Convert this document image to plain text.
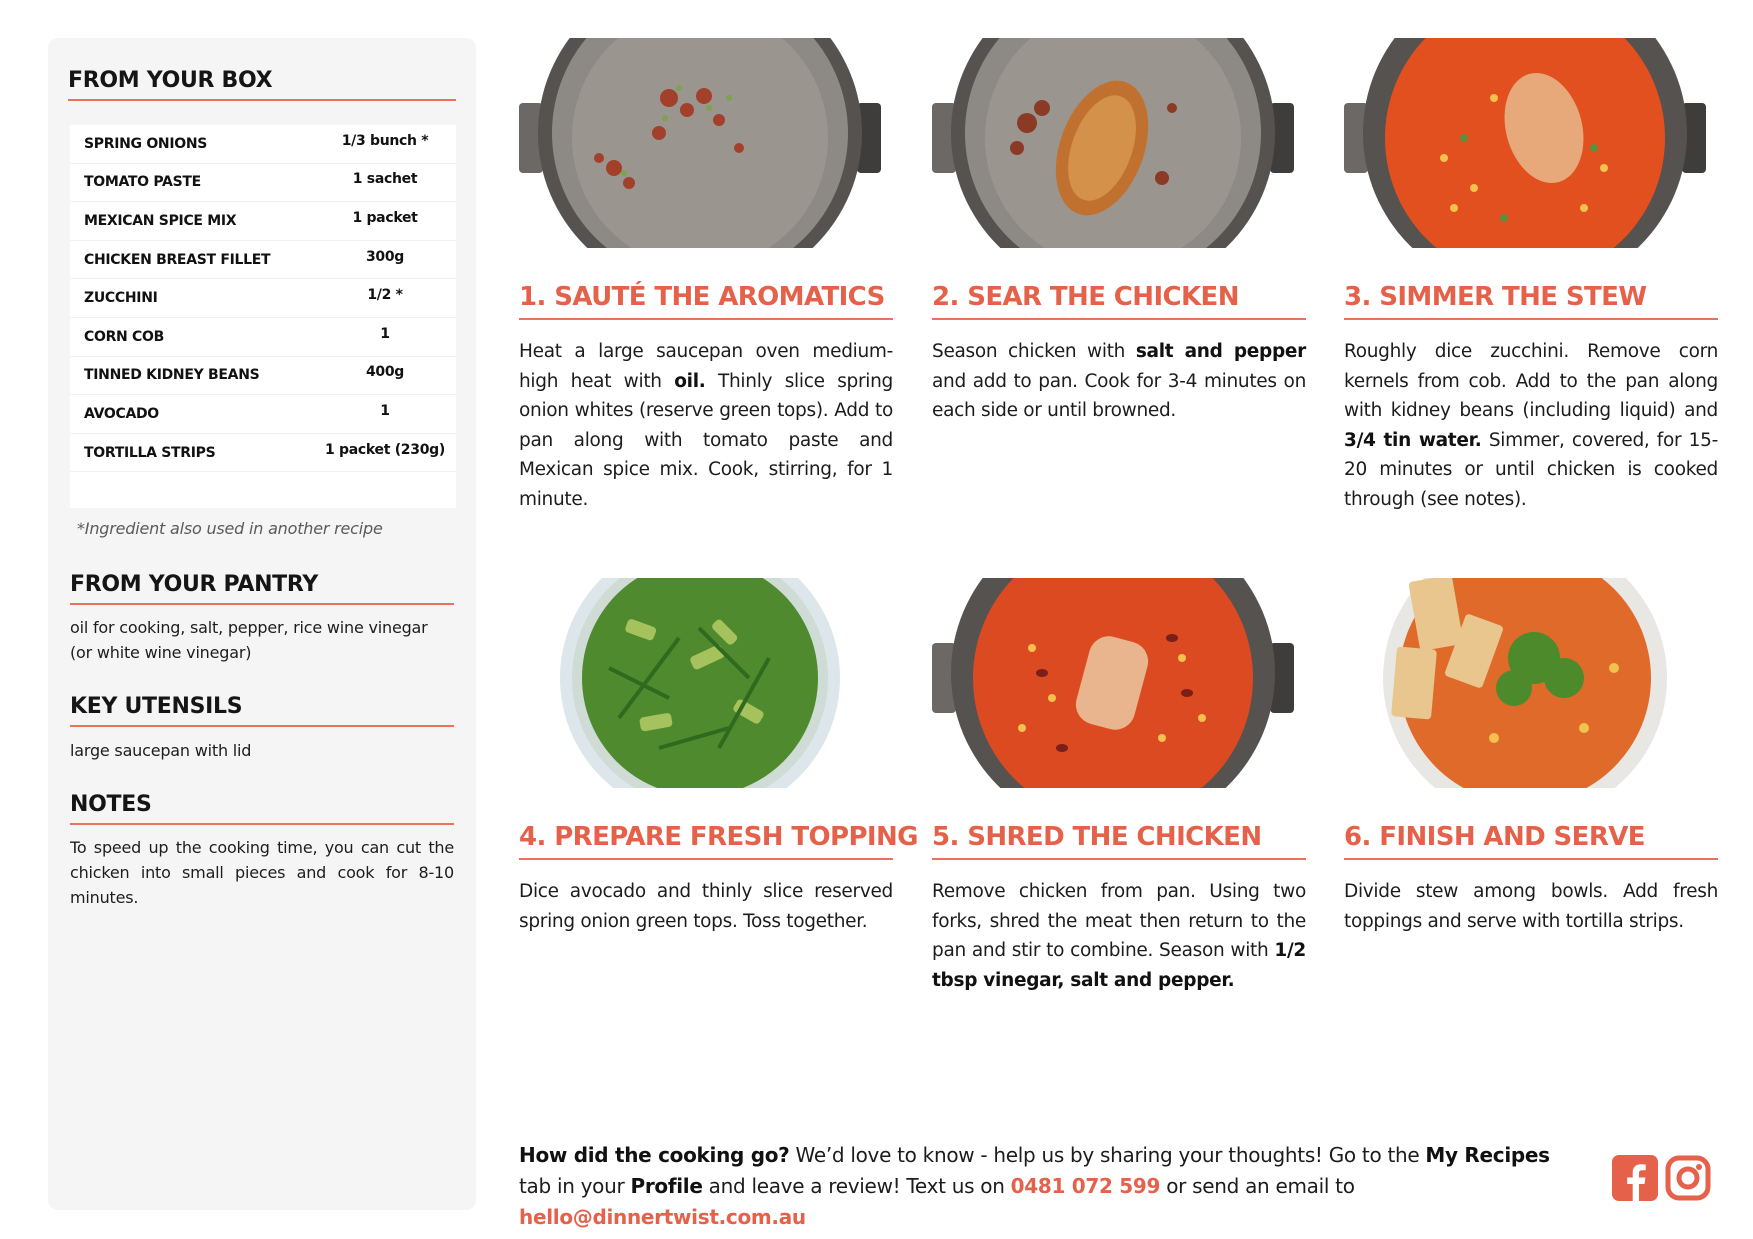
FROM YOUR BOX
SPRING ONIONS	1/3 bunch *
TOMATO PASTE	1 sachet
MEXICAN SPICE MIX	1 packet
CHICKEN BREAST FILLET	300g
ZUCCHINI	1/2 *
CORN COB	1
TINNED KIDNEY BEANS	400g
AVOCADO	1
TORTILLA STRIPS	1 packet (230g)
*Ingredient also used in another recipe
FROM YOUR PANTRY
oil for cooking, salt, pepper, rice wine vinegar (or white wine vinegar)
KEY UTENSILS
large saucepan with lid
NOTES
To speed up the cooking time, you can cut the chicken into small pieces and cook for 8-10 minutes.
1. SAUTÉ THE AROMATICS
Heat a large saucepan oven medium-high heat with oil. Thinly slice spring onion whites (reserve green tops). Add to pan along with tomato paste and Mexican spice mix. Cook, stirring, for 1 minute.
2. SEAR THE CHICKEN
Season chicken with salt and pepper and add to pan. Cook for 3-4 minutes on each side or until browned.
3. SIMMER THE STEW
Roughly dice zucchini. Remove corn kernels from cob. Add to the pan along with kidney beans (including liquid) and 3/4 tin water. Simmer, covered, for 15-20 minutes or until chicken is cooked through (see notes).
4. PREPARE FRESH TOPPING
Dice avocado and thinly slice reserved spring onion green tops. Toss together.
5. SHRED THE CHICKEN
Remove chicken from pan. Using two forks, shred the meat then return to the pan and stir to combine. Season with 1/2 tbsp vinegar, salt and pepper.
6. FINISH AND SERVE
Divide stew among bowls. Add fresh toppings and serve with tortilla strips.
How did the cooking go? We’d love to know - help us by sharing your thoughts! Go to the My Recipes tab in your Profile and leave a review! Text us on 0481 072 599 or send an email to hello@dinnertwist.com.au
